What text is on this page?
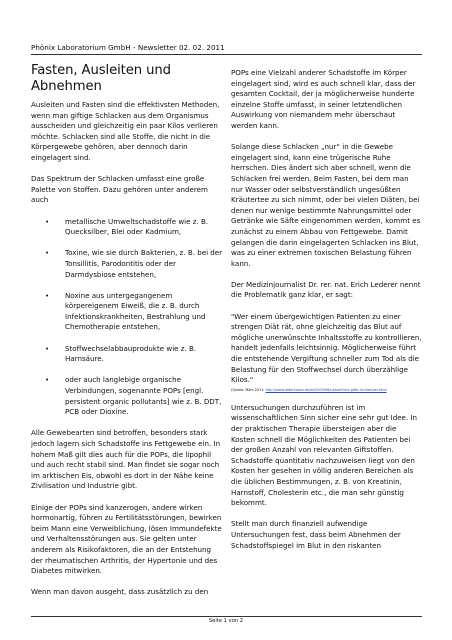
Phönix Laboratorium GmbH - Newsletter 02. 02. 2011
Fasten, Ausleiten und Abnehmen

Ausleiten und Fasten sind die effektivsten Methoden, wenn man giftige Schlacken aus dem Organismus ausscheiden und gleichzeitig ein paar Kilos verlieren möchte. Schlacken sind alle Stoffe, die nicht in die Körpergewebe gehören, aber dennoch darin eingelagert sind.

Das Spektrum der Schlacken umfasst eine große Palette von Stoffen. Dazu gehören unter anderem auch

• metallische Umweltschadstoffe wie z. B. Quecksilber, Blei oder Kadmium,
• Toxine, wie sie durch Bakterien, z. B. bei der Tonsillitis, Parodontitis oder der Darmdysbiose entstehen,
• Noxine aus untergegangenem körpereigenem Eiweiß, die z. B. durch Infektionskrankheiten, Bestrahlung und Chemotherapie entstehen,
• Stoffwechselabbauprodukte wie z. B. Harnsäure.
• oder auch langlebige organische Verbindungen, sogenannte POPs [engl. persistent organic pollutants] wie z. B. DDT, PCB oder Dioxine.

Alle Gewebearten sind betroffen, besonders stark jedoch lagern sich Schadstoffe ins Fettgewebe ein. In hohem Maß gilt dies auch für die POPs, die lipophil und auch recht stabil sind. Man findet sie sogar noch im arktischen Eis, obwohl es dort in der Nähe keine Zivilisation und Industrie gibt.

Einige der POPs sind kanzerogen, andere wirken hormonartig, führen zu Fertilitätsstörungen, bewirken beim Mann eine Verweiblichung, lösen Immundefekte und Verhaltensstörungen aus. Sie gelten unter anderem als Risikofaktoren, die an der Entstehung der rheumatischen Arthritis, der Hypertonie und des Diabetes mitwirken.

Wenn man davon ausgeht, dass zusätzlich zu den

POPs eine Vielzahl anderer Schadstoffe im Körper eingelagert sind, wird es auch schnell klar, dass der gesamten Cocktail, der ja möglicherweise hunderte einzelne Stoffe umfasst, in seiner letztendlichen Auswirkung von niemandem mehr überschaut werden kann.

Solange diese Schlacken „nur“ in die Gewebe eingelagert sind, kann eine trügerische Ruhe herrschen. Dies ändert sich aber schnell, wenn die Schlacken frei werden. Beim Fasten, bei dem man nur Wasser oder selbstverständlich ungesüßten Kräutertee zu sich nimmt, oder bei vielen Diäten, bei denen nur wenige bestimmte Nahrungsmittel oder Getränke wie Säfte eingenommen werden, kommt es zunächst zu einem Abbau von Fettgewebe. Damit gelangen die darin eingelagerten Schlacken ins Blut, was zu einer extremen toxischen Belastung führen kann.

Der Medizinjournalist Dr. rer. nat. Erich Lederer nennt die Problematik ganz klar, er sagt:

"Wer einem übergewichtigen Patienten zu einer strengen Diät rät, ohne gleichzeitig das Blut auf mögliche unerwünschte Inhaltsstoffe zu kontrollieren, handelt jedenfalls leichtsinnig. Möglicherweise führt die entstehende Vergiftung schneller zum Tod als die Belastung für den Stoffwechsel durch überzählige Kilos."

(Quelle: März 2011: http://www.lederhosen.de/wi/2009/06/natuerliche-gifte-im-koerper.html

Untersuchungen durchzuführen ist im wissenschaftlichen Sinn sicher eine sehr gut Idee. In der praktischen Therapie übersteigen aber die Kosten schnell die Möglichkeiten des Patienten bei der großen Anzahl von relevanten Giftstoffen. Schadstoffe quantitativ nachzuweisen liegt von den Kosten her gesehen in völlig anderen Bereichen als die üblichen Bestimmungen, z. B. von Kreatinin, Harnstoff, Cholesterin etc., die man sehr günstig bekommt.

Stellt man durch finanziell aufwendige Untersuchungen fest, dass beim Abnehmen der Schadstoffspiegel im Blut in den riskanten

Seite 1 von 2
